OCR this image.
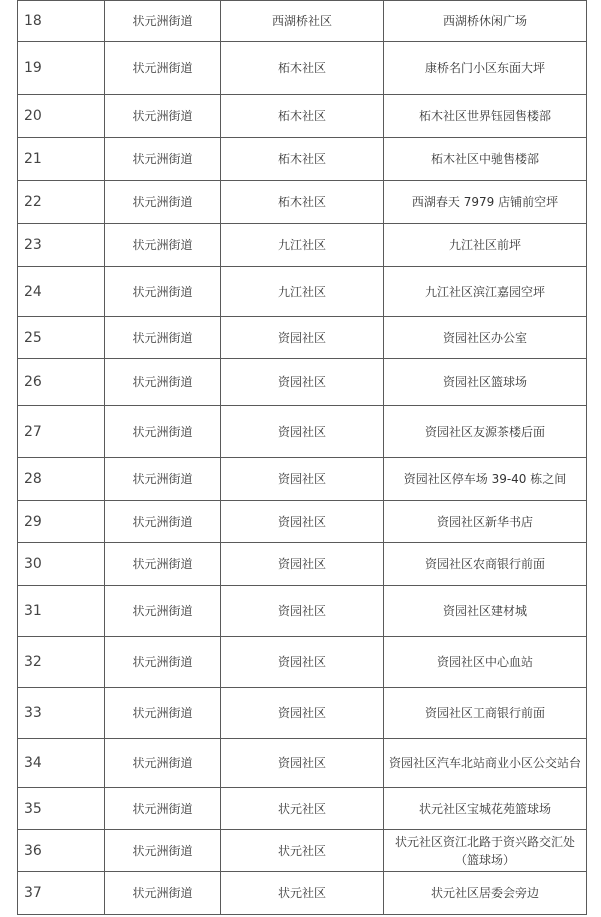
18	状元洲街道	西湖桥社区	西湖桥休闲广场
19	状元洲街道	柘木社区	康桥名门小区东面大坪
20	状元洲街道	柘木社区	柘木社区世界钰园售楼部
21	状元洲街道	柘木社区	柘木社区中驰售楼部
22	状元洲街道	柘木社区	西湖春天 7979 店铺前空坪
23	状元洲街道	九江社区	九江社区前坪
24	状元洲街道	九江社区	九江社区滨江嘉园空坪
25	状元洲街道	资园社区	资园社区办公室
26	状元洲街道	资园社区	资园社区篮球场
27	状元洲街道	资园社区	资园社区友源茶楼后面
28	状元洲街道	资园社区	资园社区停车场 39-40 栋之间
29	状元洲街道	资园社区	资园社区新华书店
30	状元洲街道	资园社区	资园社区农商银行前面
31	状元洲街道	资园社区	资园社区建材城
32	状元洲街道	资园社区	资园社区中心血站
33	状元洲街道	资园社区	资园社区工商银行前面
34	状元洲街道	资园社区	资园社区汽车北站商业小区公交站台
35	状元洲街道	状元社区	状元社区宝城花苑篮球场
36	状元洲街道	状元社区	状元社区资江北路于资兴路交汇处（篮球场）
37	状元洲街道	状元社区	状元社区居委会旁边
